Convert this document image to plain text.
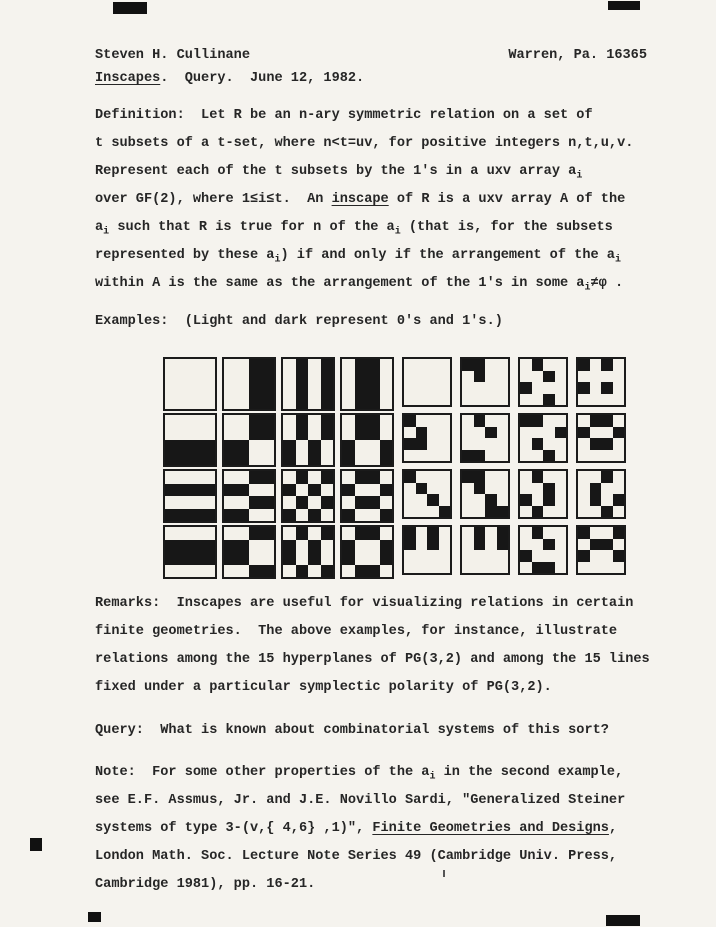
Steven H. Cullinane	Warren, Pa. 16365
Inscapes.  Query.  June 12, 1982.
Definition:  Let R be an n-ary symmetric relation on a set of
t subsets of a t-set, where n<t=uv, for positive integers n,t,u,v.
Represent each of the t subsets by the 1's in a uxv array $a_i$
over GF(2), where 1≤i≤t.  An inscape of R is a uxv array A of the
$a_i$ such that R is true for n of the $a_i$ (that is, for the subsets
represented by these $a_i$) if and only if the arrangement of the $a_i$
within A is the same as the arrangement of the 1's in some $a_i\ne\varphi$ .
Examples:  (Light and dark represent 0's and 1's.)
Remarks:  Inscapes are useful for visualizing relations in certain
finite geometries.  The above examples, for instance, illustrate
relations among the 15 hyperplanes of PG(3,2) and among the 15 lines
fixed under a particular symplectic polarity of PG(3,2).
Query:  What is known about combinatorial systems of this sort?
Note:  For some other properties of the $a_i$ in the second example,
see E.F. Assmus, Jr. and J.E. Novillo Sardi, "Generalized Steiner
systems of type 3-(v,{ 4,6} ,1)", Finite Geometries and Designs,
London Math. Soc. Lecture Note Series 49 (Cambridge Univ. Press,
Cambridge 1981), pp. 16-21.
